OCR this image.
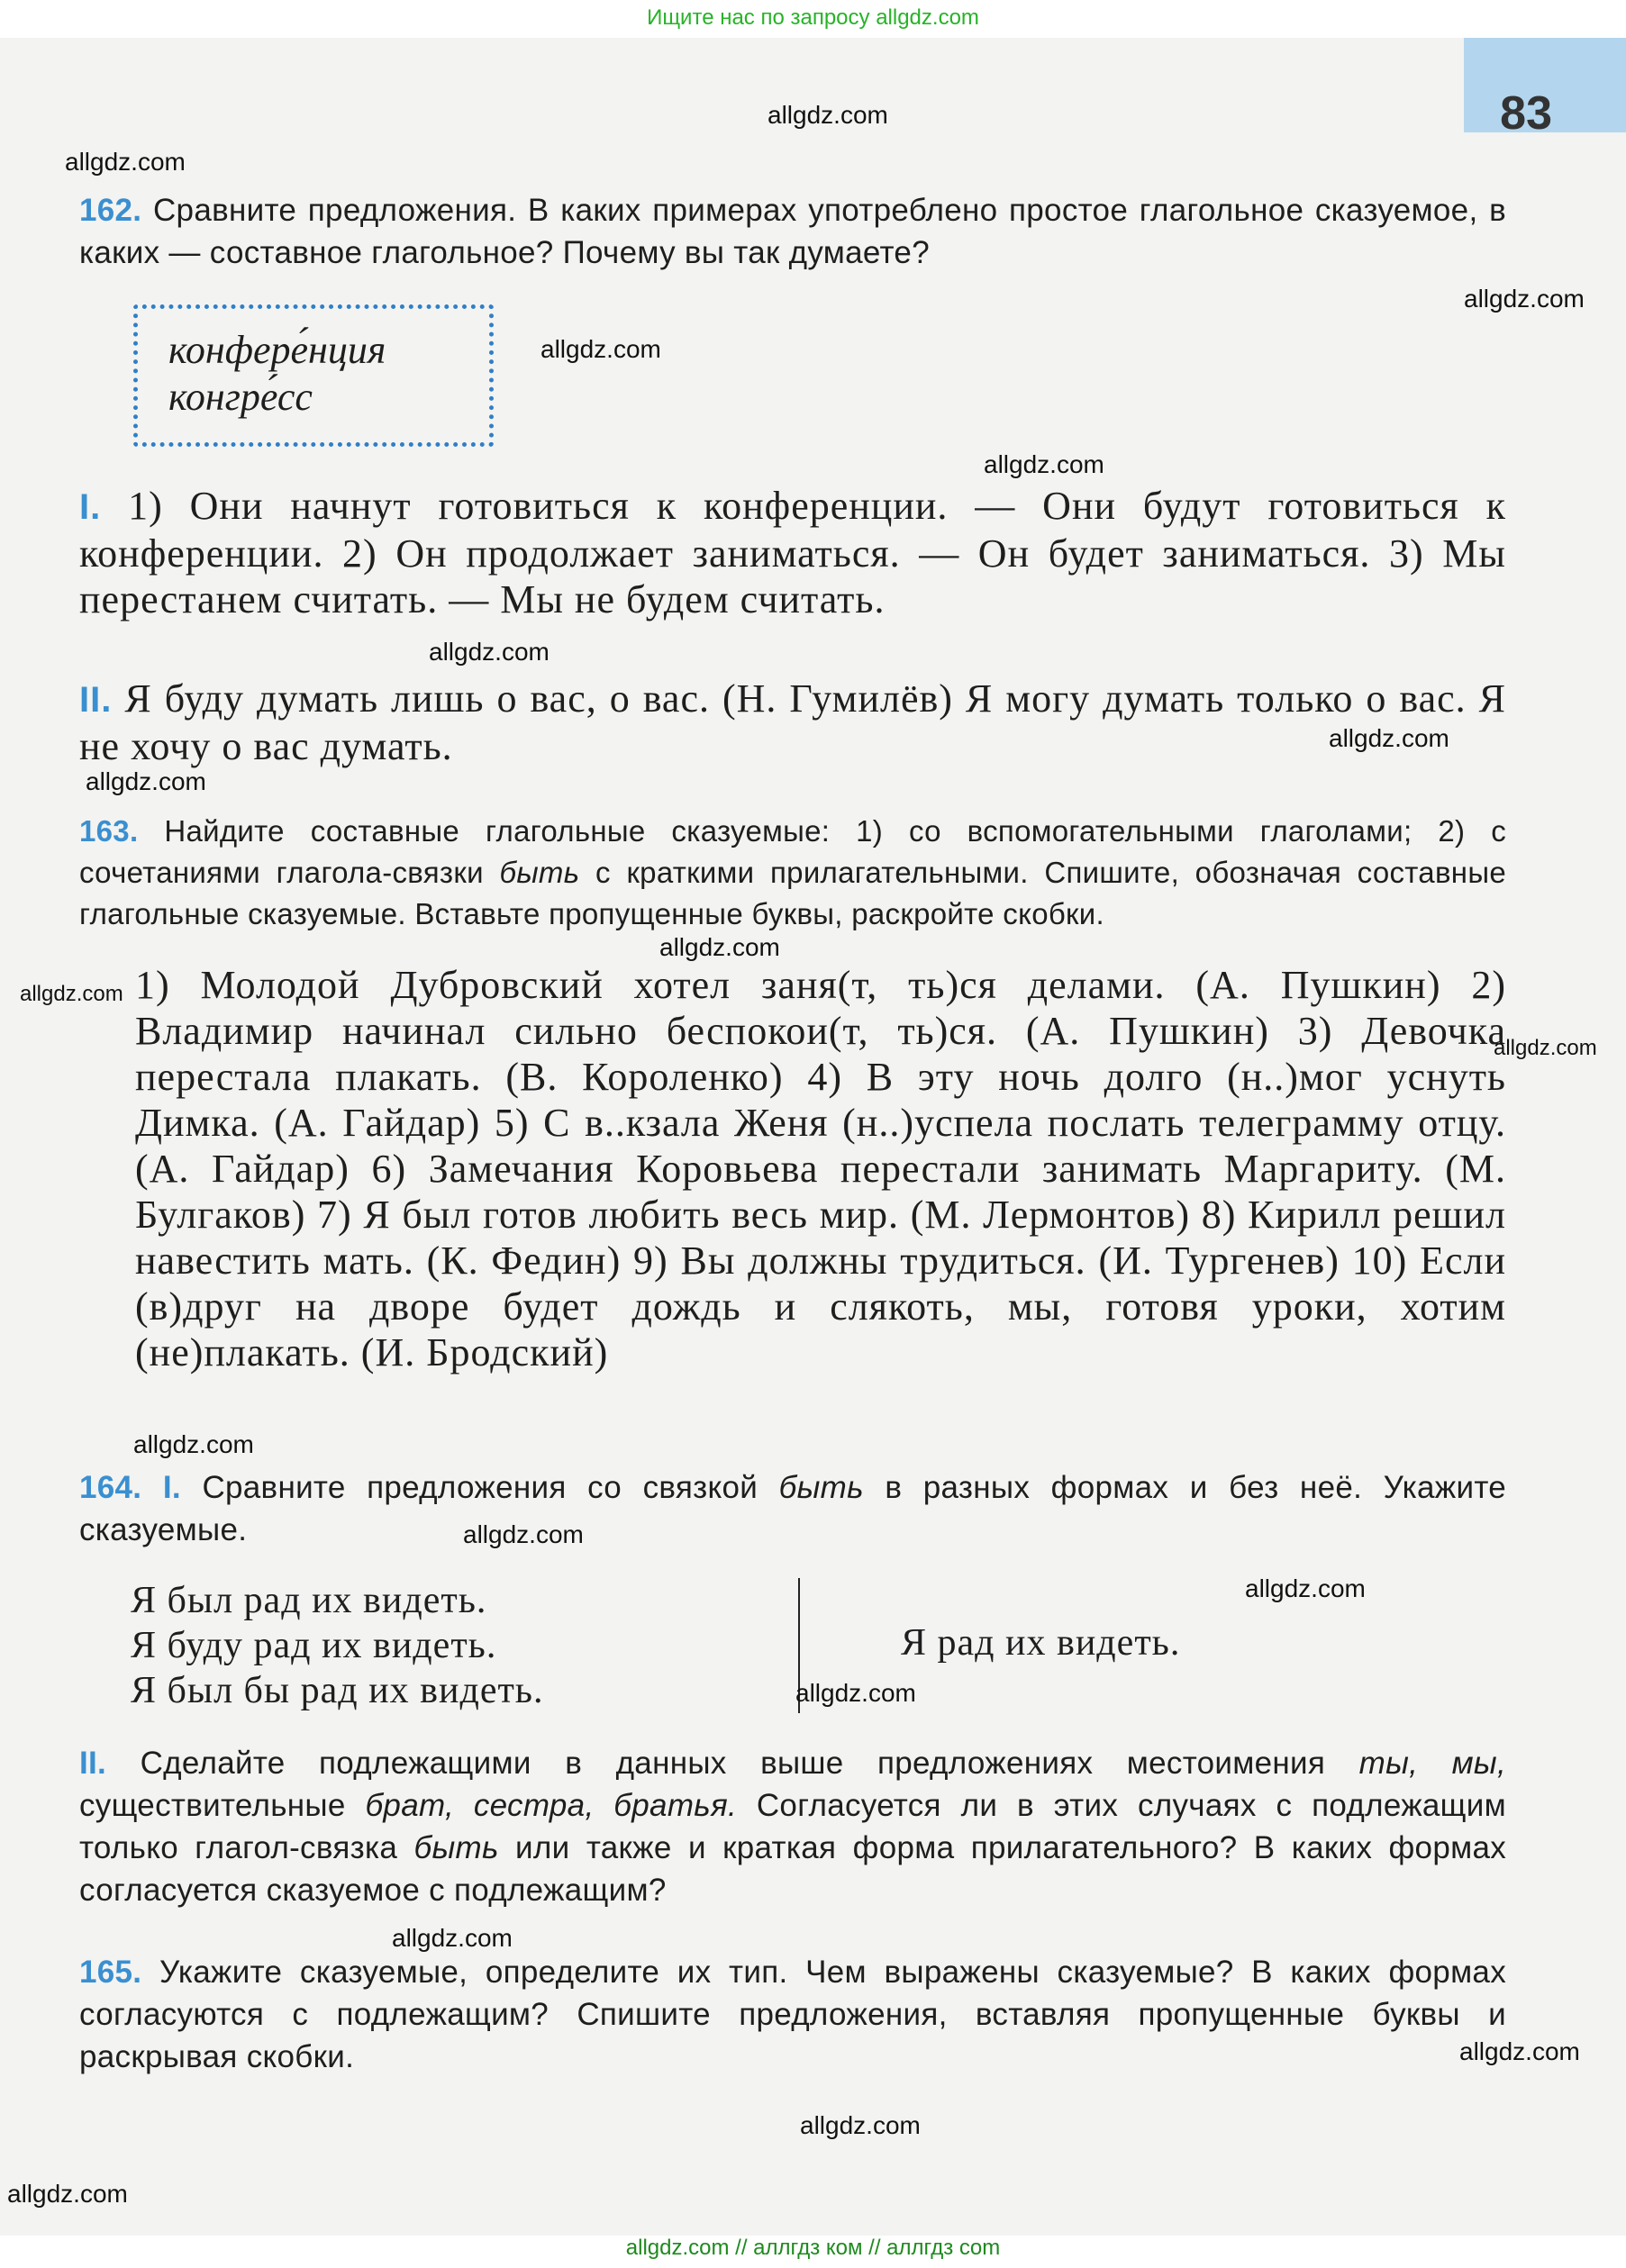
Ищите нас по запросу allgdz.com
83
162. Сравните предложения. В каких примерах употреблено простое глагольное сказуемое, в каких — составное глагольное? Почему вы так думаете?
конфере́нция
конгре́сс
I. 1) Они начнут готовиться к конференции. — Они будут готовиться к конференции. 2) Он продолжает заниматься. — Он будет заниматься. 3) Мы перестанем считать. — Мы не будем считать.
II. Я буду думать лишь о вас, о вас. (Н. Гумилёв) Я могу думать только о вас. Я не хочу о вас думать.
163. Найдите составные глагольные сказуемые: 1) со вспомогательными глаголами; 2) с сочетаниями глагола-связки быть с краткими прилагательными. Спишите, обозначая составные глагольные сказуемые. Вставьте пропущенные буквы, раскройте скобки.
1) Молодой Дубровский хотел заня(т, ть)ся делами. (А. Пушкин) 2) Владимир начинал сильно беспокои(т, ть)ся. (А. Пушкин) 3) Девочка перестала плакать. (В. Короленко) 4) В эту ночь долго (н..)мог уснуть Димка. (А. Гайдар) 5) С в..кзала Женя (н..)успела послать телеграмму отцу. (А. Гайдар) 6) Замечания Коровьева перестали занимать Маргариту. (М. Булгаков) 7) Я был готов любить весь мир. (М. Лермонтов) 8) Кирилл решил навестить мать. (К. Федин) 9) Вы должны трудиться. (И. Тургенев) 10) Если (в)друг на дворе будет дождь и слякоть, мы, готовя уроки, хотим (не)плакать. (И. Бродский)
164. I. Сравните предложения со связкой быть в разных формах и без неё. Укажите сказуемые.
Я был рад их видеть.
Я буду рад их видеть.
Я был бы рад их видеть.
Я рад их видеть.
II. Сделайте подлежащими в данных выше предложениях местоимения ты, мы, существительные брат, сестра, братья. Согласуется ли в этих случаях с подлежащим только глагол-связка быть или также и краткая форма прилагательного? В каких формах согласуется сказуемое с подлежащим?
165. Укажите сказуемые, определите их тип. Чем выражены сказуемые? В каких формах согласуются с подлежащим? Спишите предложения, вставляя пропущенные буквы и раскрывая скобки.
allgdz.com
allgdz.com
allgdz.com
allgdz.com
allgdz.com
allgdz.com
allgdz.com
allgdz.com
allgdz.com
allgdz.com
allgdz.com
allgdz.com
allgdz.com
allgdz.com
allgdz.com
allgdz.com
allgdz.com
allgdz.com
allgdz.com
allgdz.com // аллгдз ком // аллгдз com
